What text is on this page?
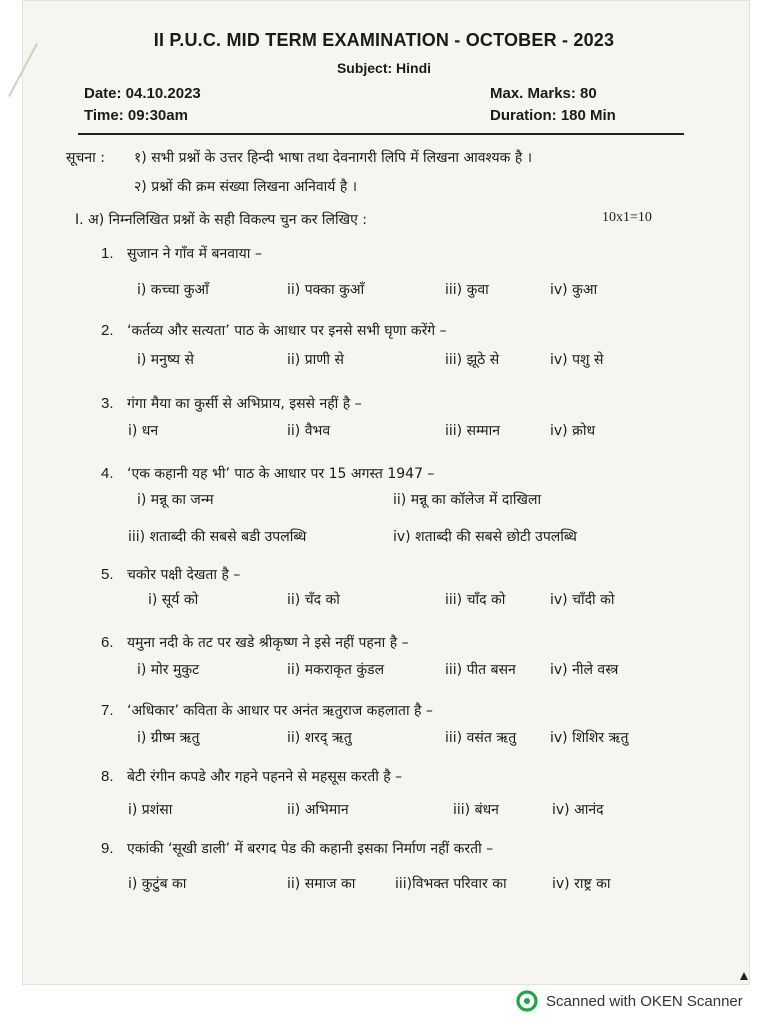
II P.U.C. MID TERM EXAMINATION - OCTOBER - 2023
Subject: Hindi
Date: 04.10.2023
Time: 09:30am
Max. Marks: 80
Duration: 180 Min
सूचना : १) सभी प्रश्नों के उत्तर हिन्दी भाषा तथा देवनागरी लिपि में लिखना आवश्यक है ।
२) प्रश्नों की क्रम संख्या लिखना अनिवार्य है ।
I. अ) निम्नलिखित प्रश्नों के सही विकल्प चुन कर लिखिए :	10x1=10
1. सुजान ने गाँव में बनवाया –
i) कच्चा कुआँ	ii) पक्का कुआँ	iii) कुवा	iv) कुआ
2. ‘कर्तव्य और सत्यता’ पाठ के आधार पर इनसे सभी घृणा करेंगे –
i) मनुष्य से	ii) प्राणी से	iii) झूठे से	iv) पशु से
3. गंगा मैया का कुर्सी से अभिप्राय, इससे नहीं है –
i) धन	ii) वैभव	iii) सम्मान	iv) क्रोध
4. ‘एक कहानी यह भी’ पाठ के आधार पर 15 अगस्त 1947 –
i) मन्नू का जन्म	ii) मन्नू का कॉलेज में दाखिला
iii) शताब्दी की सबसे बडी उपलब्धि	iv) शताब्दी की सबसे छोटी उपलब्धि
5. चकोर पक्षी देखता है –
i) सूर्य को	ii) चँद को	iii) चाँद को	iv) चाँदी को
6. यमुना नदी के तट पर खडे श्रीकृष्ण ने इसे नहीं पहना है –
i) मोर मुकुट	ii) मकराकृत कुंडल	iii) पीत बसन iv) नीले वस्त्र
7. ‘अधिकार’ कविता के आधार पर अनंत ऋतुराज कहलाता है –
i) ग्रीष्म ऋतु	ii) शरद् ऋतु	iii) वसंत ऋतु iv) शिशिर ऋतु
8. बेटी रंगीन कपडे और गहने पहनने से महसूस करती है –
i) प्रशंसा	ii) अभिमान	iii) बंधन	iv) आनंद
9. एकांकी ‘सूखी डाली’ में बरगद पेड की कहानी इसका निर्माण नहीं करती –
i) कुटुंब का	ii) समाज का	iii)विभक्त परिवार का	iv) राष्ट्र का
Scanned with OKEN Scanner
